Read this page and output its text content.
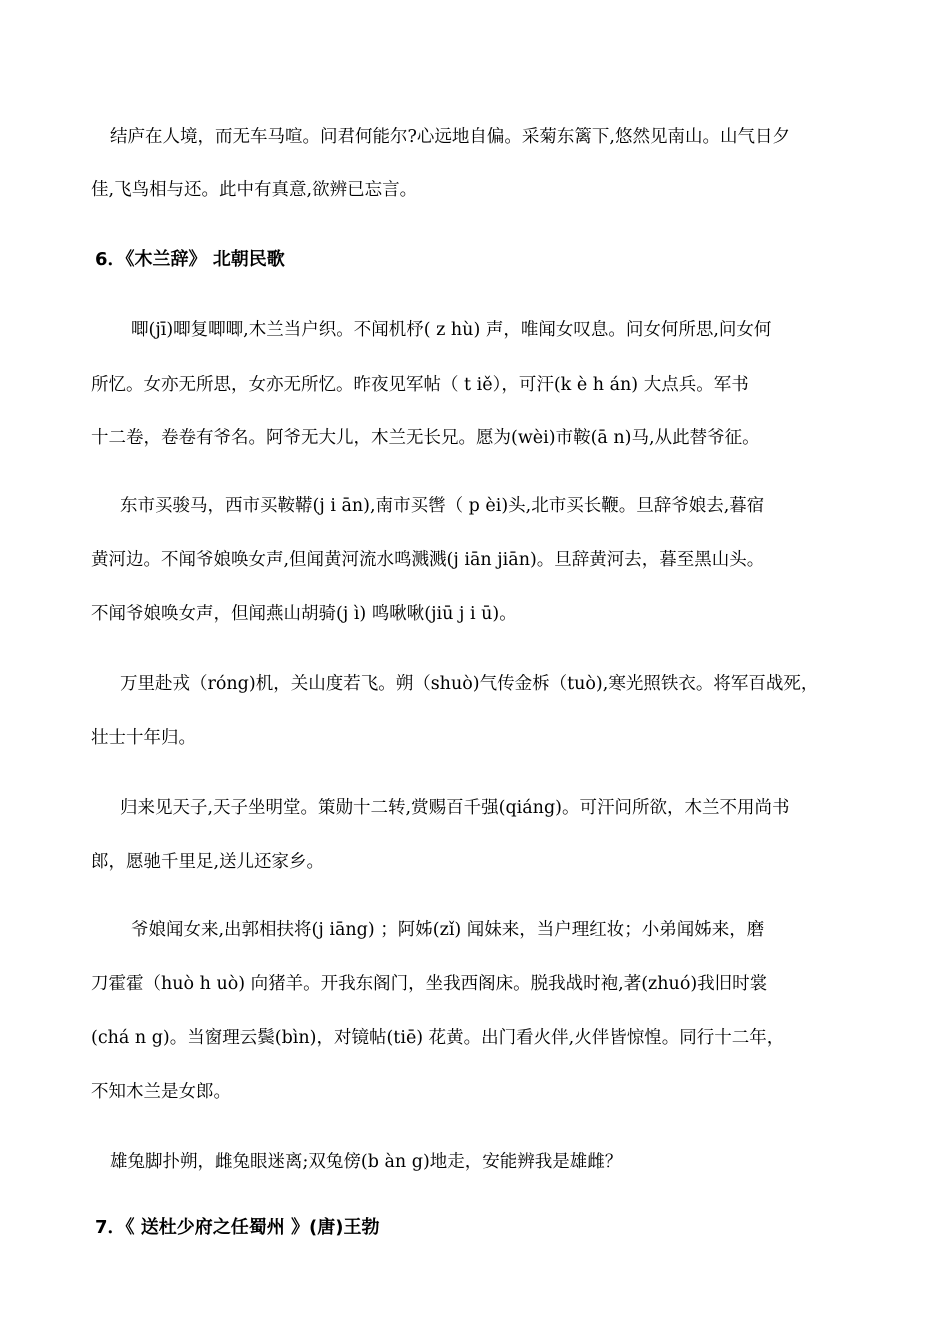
结庐在人境，而无车马喧。问君何能尔?心远地自偏。采菊东篱下,悠然见南山。山气日夕
佳,飞鸟相与还。此中有真意,欲辨已忘言。
6．《木兰辞》 北朝民歌
唧(jī)唧复唧唧,木兰当户织。不闻机杼( z hù) 声，唯闻女叹息。问女何所思,问女何
所忆。女亦无所思，女亦无所忆。昨夜见军帖（ t iě），可汗(k è h án) 大点兵。军书
十二卷，卷卷有爷名。阿爷无大儿，木兰无长兄。愿为(wèi)市鞍(ā n)马,从此替爷征。
东市买骏马，西市买鞍鞯(j i ān),南市买辔（ p èi)头,北市买长鞭。旦辞爷娘去,暮宿
黄河边。不闻爷娘唤女声,但闻黄河流水鸣溅溅(j iān jiān)。旦辞黄河去，暮至黑山头。
不闻爷娘唤女声，但闻燕山胡骑(j ì) 鸣啾啾(jiū j i ū)。
万里赴戎（róng)机，关山度若飞。朔（shuò)气传金柝（tuò),寒光照铁衣。将军百战死，
壮士十年归。
归来见天子,天子坐明堂。策勋十二转,赏赐百千强(qiáng)。可汗问所欲，木兰不用尚书
郎，愿驰千里足,送儿还家乡。
爷娘闻女来,出郭相扶将(j iāng) ；阿姊(zǐ) 闻妹来，当户理红妆；小弟闻姊来，磨
刀霍霍（huò h uò) 向猪羊。开我东阁门，坐我西阁床。脱我战时袍,著(zhuó)我旧时裳
(chá n g)。当窗理云鬓(bìn)，对镜帖(tiē) 花黄。出门看火伴,火伴皆惊惶。同行十二年，
不知木兰是女郎。
雄兔脚扑朔，雌兔眼迷离;双兔傍(b àn g)地走，安能辨我是雄雌？
7．《 送杜少府之任蜀州 》(唐)王勃
